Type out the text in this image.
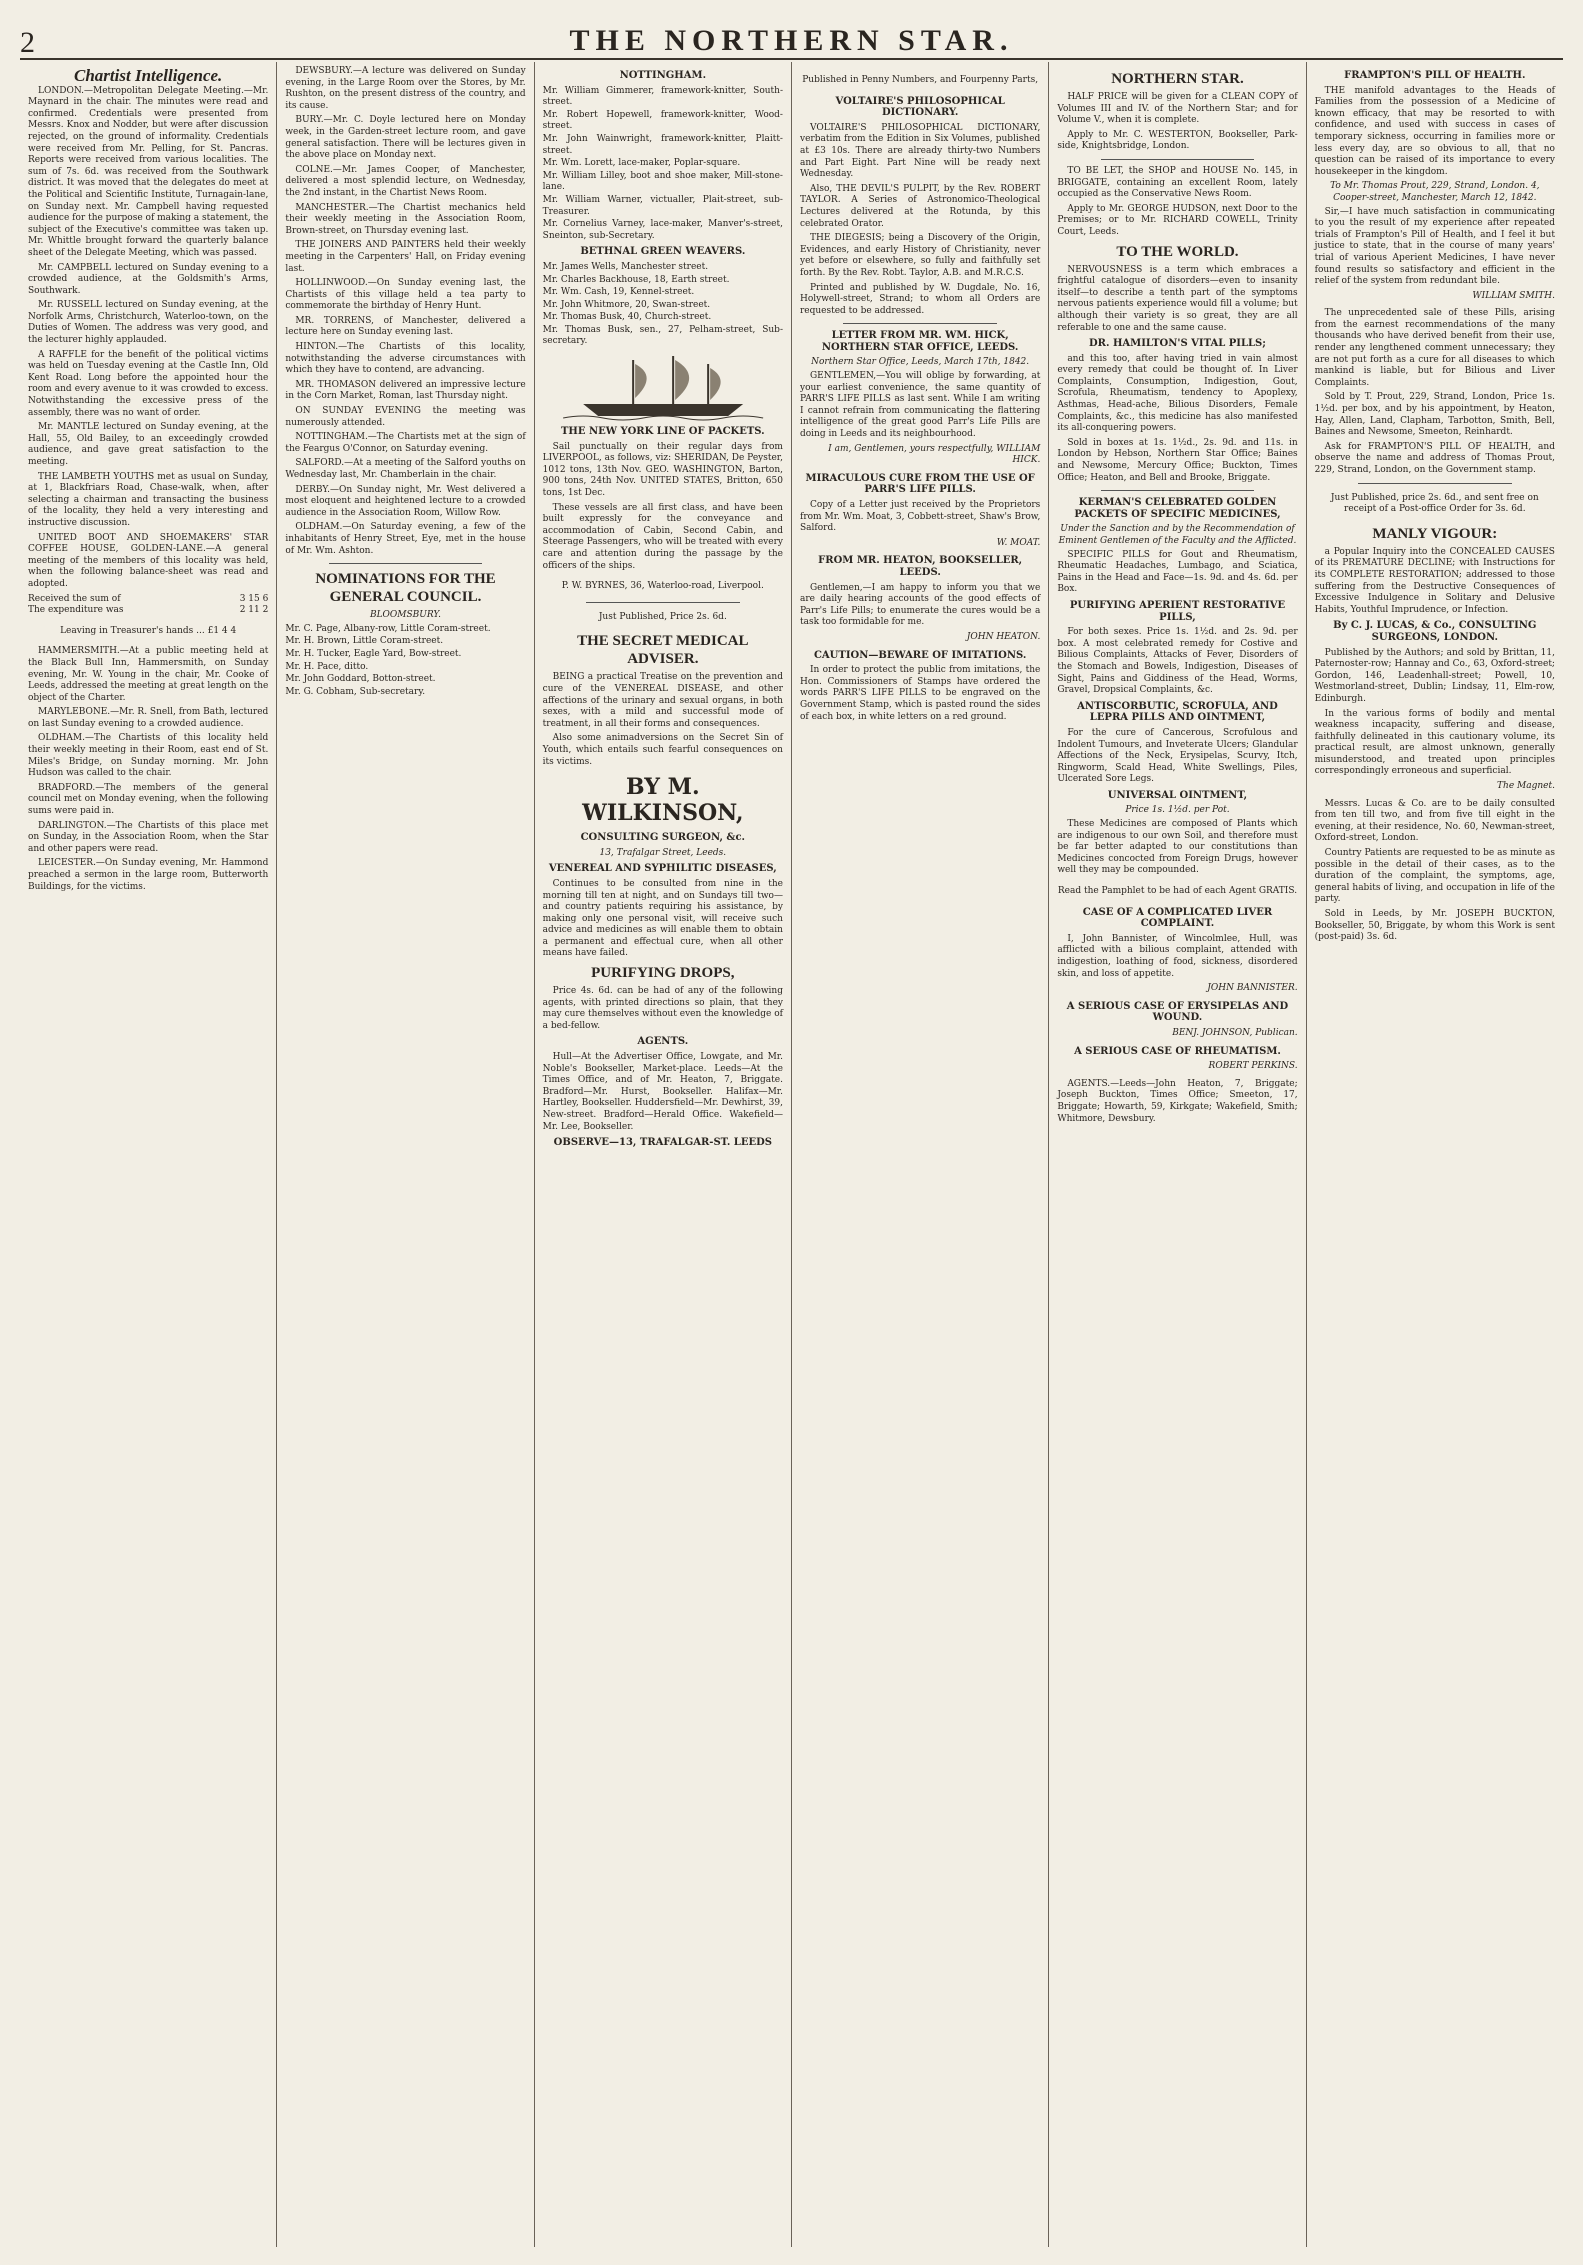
2	THE NORTHERN STAR.
Chartist Intelligence.

LONDON.—Metropolitan Delegate Meeting.—Mr. Maynard in the chair. The minutes were read and confirmed. Credentials were presented from Messrs. Knox and Nodder, but were after discussion rejected, on the ground of informality. Credentials were received from Mr. Pelling, for St. Pancras. Reports were received from various localities. The sum of 7s. 6d. was received from the Southwark district. It was moved that the delegates do meet at the Political and Scientific Institute, Turnagain-lane, on Sunday next. Mr. Campbell having requested audience for the purpose of making a statement, the subject of the Executive's committee was taken up. Mr. Whittle brought forward the quarterly balance sheet of the Delegate Meeting, which was passed.

Mr. CAMPBELL lectured on Sunday evening to a crowded audience, at the Goldsmith's Arms, Southwark.

Mr. RUSSELL lectured on Sunday evening, at the Norfolk Arms, Christchurch, Waterloo-town, on the Duties of Women. The address was very good, and the lecturer highly applauded.

A RAFFLE for the benefit of the political victims was held on Tuesday evening at the Castle Inn, Old Kent Road. Long before the appointed hour the room and every avenue to it was crowded to excess. Notwithstanding the excessive press of the assembly, there was no want of order.

Mr. MANTLE lectured on Sunday evening, at the Hall, 55, Old Bailey, to an exceedingly crowded audience, and gave great satisfaction to the meeting.

THE LAMBETH YOUTHS met as usual on Sunday, at 1, Blackfriars Road, Chase-walk, when, after selecting a chairman and transacting the business of the locality, they held a very interesting and instructive discussion.

UNITED BOOT AND SHOEMAKERS' STAR COFFEE HOUSE, GOLDEN-LANE.—A general meeting of the members of this locality was held, when the following balance-sheet was read and adopted.

Received the sum of	3 15 6
The expenditure was	2 11 2

Leaving in Treasurer's hands ... £1 4 4

HAMMERSMITH.—At a public meeting held at the Black Bull Inn, Hammersmith, on Sunday evening, Mr. W. Young in the chair, Mr. Cooke of Leeds, addressed the meeting at great length on the object of the Charter.

MARYLEBONE.—Mr. R. Snell, from Bath, lectured on last Sunday evening to a crowded audience.

OLDHAM.—The Chartists of this locality held their weekly meeting in their Room, east end of St. Miles's Bridge, on Sunday morning. Mr. John Hudson was called to the chair.

BRADFORD.—The members of the general council met on Monday evening, when the following sums were paid in.

DARLINGTON.—The Chartists of this place met on Sunday, in the Association Room, when the Star and other papers were read.

LEICESTER.—On Sunday evening, Mr. Hammond preached a sermon in the large room, Butterworth Buildings, for the victims.

DEWSBURY.—A lecture was delivered on Sunday evening, in the Large Room over the Stores, by Mr. Rushton, on the present distress of the country, and its cause.

BURY.—Mr. C. Doyle lectured here on Monday week, in the Garden-street lecture room, and gave general satisfaction. There will be lectures given in the above place on Monday next.

COLNE.—Mr. James Cooper, of Manchester, delivered a most splendid lecture, on Wednesday, the 2nd instant, in the Chartist News Room.

MANCHESTER.—The Chartist mechanics held their weekly meeting in the Association Room, Brown-street, on Thursday evening last.

THE JOINERS AND PAINTERS held their weekly meeting in the Carpenters' Hall, on Friday evening last.

HOLLINWOOD.—On Sunday evening last, the Chartists of this village held a tea party to commemorate the birthday of Henry Hunt.

MR. TORRENS, of Manchester, delivered a lecture here on Sunday evening last.

HINTON.—The Chartists of this locality, notwithstanding the adverse circumstances with which they have to contend, are advancing.

MR. THOMASON delivered an impressive lecture in the Corn Market, Roman, last Thursday night.

ON SUNDAY EVENING the meeting was numerously attended.

NOTTINGHAM.—The Chartists met at the sign of the Feargus O'Connor, on Saturday evening.

SALFORD.—At a meeting of the Salford youths on Wednesday last, Mr. Chamberlain in the chair.

DERBY.—On Sunday night, Mr. West delivered a most eloquent and heightened lecture to a crowded audience in the Association Room, Willow Row.

OLDHAM.—On Saturday evening, a few of the inhabitants of Henry Street, Eye, met in the house of Mr. Wm. Ashton.

NOMINATIONS FOR THE GENERAL COUNCIL.
BLOOMSBURY.
Mr. C. Page, Albany-row, Little Coram-street.
Mr. H. Brown, Little Coram-street.
Mr. H. Tucker, Eagle Yard, Bow-street.
Mr. H. Pace, ditto.
Mr. John Goddard, Botton-street.
Mr. G. Cobham, Sub-secretary.
NOTTINGHAM.
Mr. William Gimmerer, framework-knitter, South-street.
Mr. Robert Hopewell, framework-knitter, Wood-street.
Mr. John Wainwright, framework-knitter, Plaitt-street.
Mr. Wm. Lorett, lace-maker, Poplar-square.
Mr. William Lilley, boot and shoe maker, Mill-stone-lane.
Mr. William Warner, victualler, Plait-street, sub-Treasurer.
Mr. Cornelius Varney, lace-maker, Manver's-street, Sneinton, sub-Secretary.
BETHNAL GREEN WEAVERS.
Mr. James Wells, Manchester street.
Mr. Charles Backhouse, 18, Earth street.
Mr. Wm. Cash, 19, Kennel-street.
Mr. John Whitmore, 20, Swan-street.
Mr. Thomas Busk, 40, Church-street.
Mr. Thomas Busk, sen., 27, Pelham-street, Sub-secretary.
THE NEW YORK LINE OF PACKETS.

Sail punctually on their regular days from LIVERPOOL, as follows, viz: SHERIDAN, De Peyster, 1012 tons, 13th Nov. GEO. WASHINGTON, Barton, 900 tons, 24th Nov. UNITED STATES, Britton, 650 tons, 1st Dec.

These vessels are all first class, and have been built expressly for the conveyance and accommodation of Cabin, Second Cabin, and Steerage Passengers, who will be treated with every care and attention during the passage by the officers of the ships.

P. W. BYRNES, 36, Waterloo-road, Liverpool.

Just Published, Price 2s. 6d.

THE SECRET MEDICAL ADVISER.

BEING a practical Treatise on the prevention and cure of the VENEREAL DISEASE, and other affections of the urinary and sexual organs, in both sexes, with a mild and successful mode of treatment, in all their forms and consequences.

Also some animadversions on the Secret Sin of Youth, which entails such fearful consequences on its victims.

BY M. WILKINSON,
CONSULTING SURGEON, &c.
13, Trafalgar Street, Leeds.
VENEREAL AND SYPHILITIC DISEASES,

Continues to be consulted from nine in the morning till ten at night, and on Sundays till two—and country patients requiring his assistance, by making only one personal visit, will receive such advice and medicines as will enable them to obtain a permanent and effectual cure, when all other means have failed.

PURIFYING DROPS,

Price 4s. 6d. can be had of any of the following agents, with printed directions so plain, that they may cure themselves without even the knowledge of a bed-fellow.

AGENTS.

Hull—At the Advertiser Office, Lowgate, and Mr. Noble's Bookseller, Market-place. Leeds—At the Times Office, and of Mr. Heaton, 7, Briggate. Bradford—Mr. Hurst, Bookseller. Halifax—Mr. Hartley, Bookseller. Huddersfield—Mr. Dewhirst, 39, New-street. Bradford—Herald Office. Wakefield—Mr. Lee, Bookseller.

OBSERVE—13, TRAFALGAR-ST. LEEDS

Published in Penny Numbers, and Fourpenny Parts,

VOLTAIRE'S PHILOSOPHICAL DICTIONARY.

VOLTAIRE'S PHILOSOPHICAL DICTIONARY, verbatim from the Edition in Six Volumes, published at £3 10s. There are already thirty-two Numbers and Part Eight. Part Nine will be ready next Wednesday.

Also, THE DEVIL'S PULPIT, by the Rev. ROBERT TAYLOR. A Series of Astronomico-Theological Lectures delivered at the Rotunda, by this celebrated Orator.

THE DIEGESIS; being a Discovery of the Origin, Evidences, and early History of Christianity, never yet before or elsewhere, so fully and faithfully set forth. By the Rev. Robt. Taylor, A.B. and M.R.C.S.

Printed and published by W. Dugdale, No. 16, Holywell-street, Strand; to whom all Orders are requested to be addressed.

LETTER FROM MR. WM. HICK, NORTHERN STAR OFFICE, LEEDS.
Northern Star Office, Leeds, March 17th, 1842.

GENTLEMEN,—You will oblige by forwarding, at your earliest convenience, the same quantity of PARR'S LIFE PILLS as last sent. While I am writing I cannot refrain from communicating the flattering intelligence of the great good Parr's Life Pills are doing in Leeds and its neighbourhood.

I am, Gentlemen, yours respectfully, WILLIAM HICK.

MIRACULOUS CURE FROM THE USE OF PARR'S LIFE PILLS.

Copy of a Letter just received by the Proprietors from Mr. Wm. Moat, 3, Cobbett-street, Shaw's Brow, Salford.

W. MOAT.

FROM MR. HEATON, BOOKSELLER, LEEDS.

Gentlemen,—I am happy to inform you that we are daily hearing accounts of the good effects of Parr's Life Pills; to enumerate the cures would be a task too formidable for me.

JOHN HEATON.

CAUTION—BEWARE OF IMITATIONS.

In order to protect the public from imitations, the Hon. Commissioners of Stamps have ordered the words PARR'S LIFE PILLS to be engraved on the Government Stamp, which is pasted round the sides of each box, in white letters on a red ground.

NORTHERN STAR.

HALF PRICE will be given for a CLEAN COPY of Volumes III and IV. of the Northern Star; and for Volume V., when it is complete.

Apply to Mr. C. WESTERTON, Bookseller, Park-side, Knightsbridge, London.

TO BE LET, the SHOP and HOUSE No. 145, in BRIGGATE, containing an excellent Room, lately occupied as the Conservative News Room.

Apply to Mr. GEORGE HUDSON, next Door to the Premises; or to Mr. RICHARD COWELL, Trinity Court, Leeds.

TO THE WORLD.

NERVOUSNESS is a term which embraces a frightful catalogue of disorders—even to insanity itself—to describe a tenth part of the symptoms nervous patients experience would fill a volume; but although their variety is so great, they are all referable to one and the same cause.

DR. HAMILTON'S VITAL PILLS;

and this too, after having tried in vain almost every remedy that could be thought of. In Liver Complaints, Consumption, Indigestion, Gout, Scrofula, Rheumatism, tendency to Apoplexy, Asthmas, Head-ache, Bilious Disorders, Female Complaints, &c., this medicine has also manifested its all-conquering powers.

Sold in boxes at 1s. 1½d., 2s. 9d. and 11s. in London by Hebson, Northern Star Office; Baines and Newsome, Mercury Office; Buckton, Times Office; Heaton, and Bell and Brooke, Briggate.

KERMAN'S CELEBRATED GOLDEN PACKETS OF SPECIFIC MEDICINES,
Under the Sanction and by the Recommendation of Eminent Gentlemen of the Faculty and the Afflicted.

SPECIFIC PILLS for Gout and Rheumatism, Rheumatic Headaches, Lumbago, and Sciatica, Pains in the Head and Face—1s. 9d. and 4s. 6d. per Box.

PURIFYING APERIENT RESTORATIVE PILLS,

For both sexes. Price 1s. 1½d. and 2s. 9d. per box. A most celebrated remedy for Costive and Bilious Complaints, Attacks of Fever, Disorders of the Stomach and Bowels, Indigestion, Diseases of Sight, Pains and Giddiness of the Head, Worms, Gravel, Dropsical Complaints, &c.

ANTISCORBUTIC, SCROFULA, AND LEPRA PILLS AND OINTMENT,

For the cure of Cancerous, Scrofulous and Indolent Tumours, and Inveterate Ulcers; Glandular Affections of the Neck, Erysipelas, Scurvy, Itch, Ringworm, Scald Head, White Swellings, Piles, Ulcerated Sore Legs.

UNIVERSAL OINTMENT,
Price 1s. 1½d. per Pot.

These Medicines are composed of Plants which are indigenous to our own Soil, and therefore must be far better adapted to our constitutions than Medicines concocted from Foreign Drugs, however well they may be compounded.

Read the Pamphlet to be had of each Agent GRATIS.

CASE OF A COMPLICATED LIVER COMPLAINT.

I, John Bannister, of Wincolmlee, Hull, was afflicted with a bilious complaint, attended with indigestion, loathing of food, sickness, disordered skin, and loss of appetite.

JOHN BANNISTER.

A SERIOUS CASE OF ERYSIPELAS AND WOUND.

BENJ. JOHNSON, Publican.

A SERIOUS CASE OF RHEUMATISM.

ROBERT PERKINS.

AGENTS.—Leeds—John Heaton, 7, Briggate; Joseph Buckton, Times Office; Smeeton, 17, Briggate; Howarth, 59, Kirkgate; Wakefield, Smith; Whitmore, Dewsbury.

FRAMPTON'S PILL OF HEALTH.

THE manifold advantages to the Heads of Families from the possession of a Medicine of known efficacy, that may be resorted to with confidence, and used with success in cases of temporary sickness, occurring in families more or less every day, are so obvious to all, that no question can be raised of its importance to every housekeeper in the kingdom.

To Mr. Thomas Prout, 229, Strand, London. 4, Cooper-street, Manchester, March 12, 1842.

Sir,—I have much satisfaction in communicating to you the result of my experience after repeated trials of Frampton's Pill of Health, and I feel it but justice to state, that in the course of many years' trial of various Aperient Medicines, I have never found results so satisfactory and efficient in the relief of the system from redundant bile.

WILLIAM SMITH.

The unprecedented sale of these Pills, arising from the earnest recommendations of the many thousands who have derived benefit from their use, render any lengthened comment unnecessary; they are not put forth as a cure for all diseases to which mankind is liable, but for Bilious and Liver Complaints.

Sold by T. Prout, 229, Strand, London, Price 1s. 1½d. per box, and by his appointment, by Heaton, Hay, Allen, Land, Clapham, Tarbotton, Smith, Bell, Baines and Newsome, Smeeton, Reinhardt.

Ask for FRAMPTON'S PILL OF HEALTH, and observe the name and address of Thomas Prout, 229, Strand, London, on the Government stamp.

Just Published, price 2s. 6d., and sent free on receipt of a Post-office Order for 3s. 6d.

MANLY VIGOUR:

a Popular Inquiry into the CONCEALED CAUSES of its PREMATURE DECLINE; with Instructions for its COMPLETE RESTORATION; addressed to those suffering from the Destructive Consequences of Excessive Indulgence in Solitary and Delusive Habits, Youthful Imprudence, or Infection.

By C. J. LUCAS, & Co., CONSULTING SURGEONS, LONDON.

Published by the Authors; and sold by Brittan, 11, Paternoster-row; Hannay and Co., 63, Oxford-street; Gordon, 146, Leadenhall-street; Powell, 10, Westmorland-street, Dublin; Lindsay, 11, Elm-row, Edinburgh.

In the various forms of bodily and mental weakness incapacity, suffering and disease, faithfully delineated in this cautionary volume, its practical result, are almost unknown, generally misunderstood, and treated upon principles correspondingly erroneous and superficial.

The Magnet.

Messrs. Lucas & Co. are to be daily consulted from ten till two, and from five till eight in the evening, at their residence, No. 60, Newman-street, Oxford-street, London.

Country Patients are requested to be as minute as possible in the detail of their cases, as to the duration of the complaint, the symptoms, age, general habits of living, and occupation in life of the party.

Sold in Leeds, by Mr. JOSEPH BUCKTON, Bookseller, 50, Briggate, by whom this Work is sent (post-paid) 3s. 6d.
